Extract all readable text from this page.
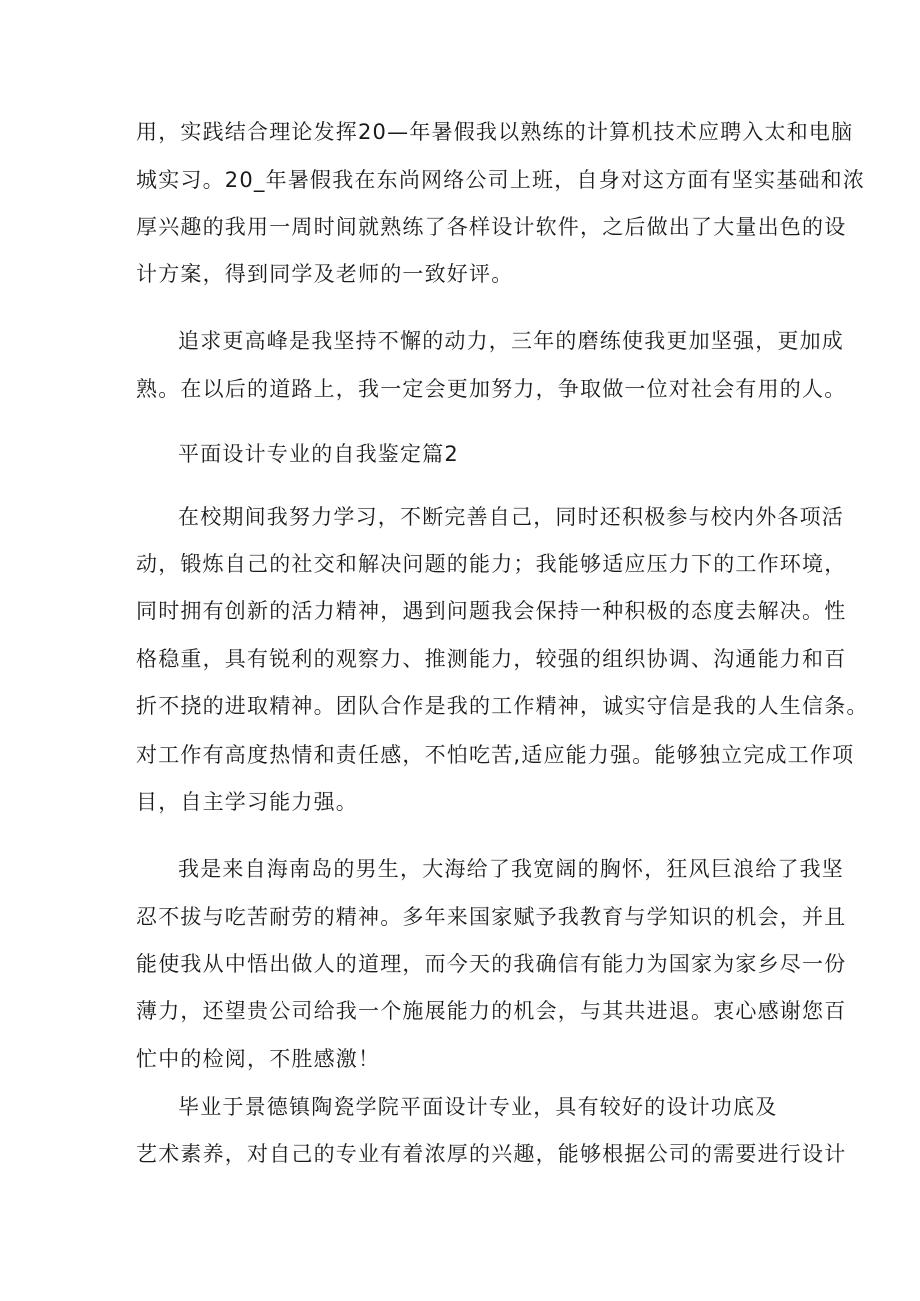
用，实践结合理论发挥20—年暑假我以熟练的计算机技术应聘入太和电脑
城实习。20_年暑假我在东尚网络公司上班，自身对这方面有坚实基础和浓
厚兴趣的我用一周时间就熟练了各样设计软件，之后做出了大量出色的设
计方案，得到同学及老师的一致好评。
追求更高峰是我坚持不懈的动力，三年的磨练使我更加坚强，更加成
熟。在以后的道路上，我一定会更加努力，争取做一位对社会有用的人。
平面设计专业的自我鉴定篇2
在校期间我努力学习，不断完善自己，同时还积极参与校内外各项活
动，锻炼自己的社交和解决问题的能力；我能够适应压力下的工作环境，
同时拥有创新的活力精神，遇到问题我会保持一种积极的态度去解决。性
格稳重，具有锐利的观察力、推测能力，较强的组织协调、沟通能力和百
折不挠的进取精神。团队合作是我的工作精神，诚实守信是我的人生信条。
对工作有高度热情和责任感，不怕吃苦,适应能力强。能够独立完成工作项
目，自主学习能力强。
我是来自海南岛的男生，大海给了我宽阔的胸怀，狂风巨浪给了我坚
忍不拔与吃苦耐劳的精神。多年来国家赋予我教育与学知识的机会，并且
能使我从中悟出做人的道理，而今天的我确信有能力为国家为家乡尽一份
薄力，还望贵公司给我一个施展能力的机会，与其共进退。衷心感谢您百
忙中的检阅，不胜感激！
毕业于景德镇陶瓷学院平面设计专业，具有较好的设计功底及
艺术素养，对自己的专业有着浓厚的兴趣，能够根据公司的需要进行设计
